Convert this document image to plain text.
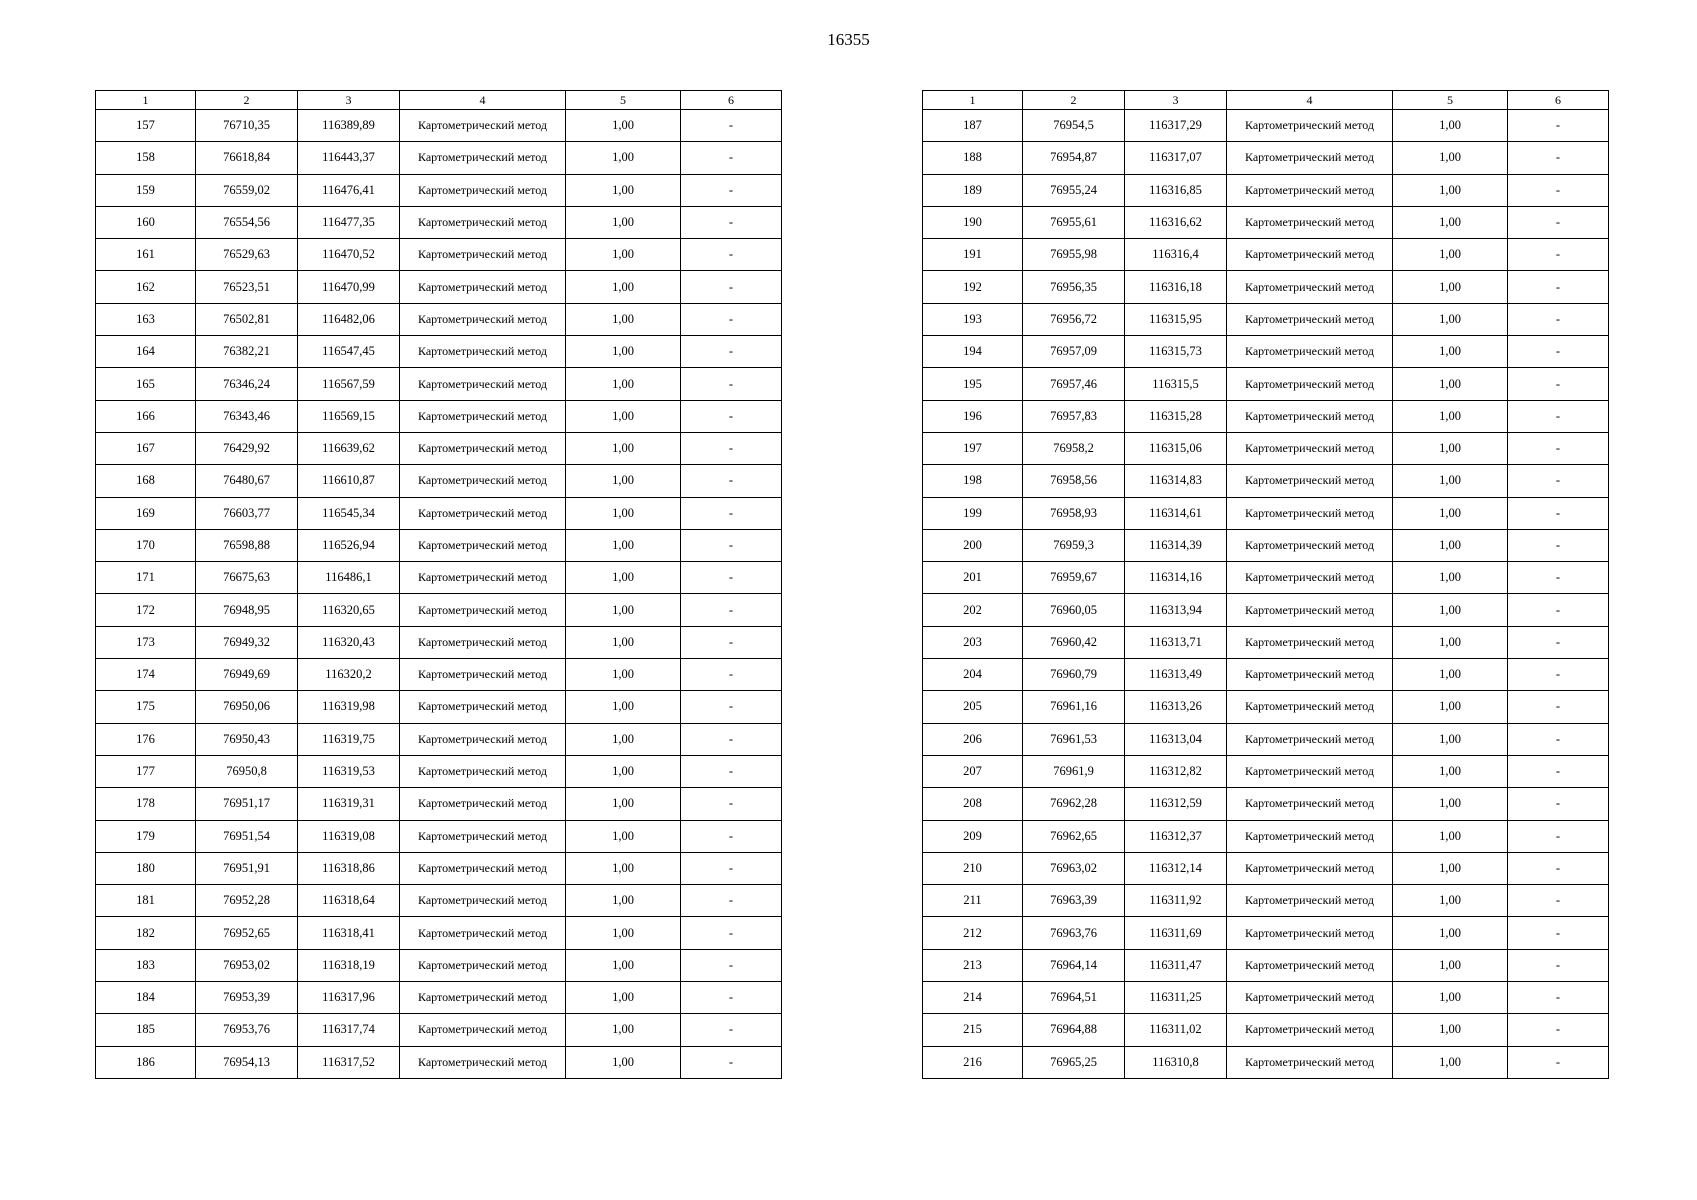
16355
1	2	3	4	5	6
157	76710,35	116389,89	Картометрический метод	1,00	-
158	76618,84	116443,37	Картометрический метод	1,00	-
159	76559,02	116476,41	Картометрический метод	1,00	-
160	76554,56	116477,35	Картометрический метод	1,00	-
161	76529,63	116470,52	Картометрический метод	1,00	-
162	76523,51	116470,99	Картометрический метод	1,00	-
163	76502,81	116482,06	Картометрический метод	1,00	-
164	76382,21	116547,45	Картометрический метод	1,00	-
165	76346,24	116567,59	Картометрический метод	1,00	-
166	76343,46	116569,15	Картометрический метод	1,00	-
167	76429,92	116639,62	Картометрический метод	1,00	-
168	76480,67	116610,87	Картометрический метод	1,00	-
169	76603,77	116545,34	Картометрический метод	1,00	-
170	76598,88	116526,94	Картометрический метод	1,00	-
171	76675,63	116486,1	Картометрический метод	1,00	-
172	76948,95	116320,65	Картометрический метод	1,00	-
173	76949,32	116320,43	Картометрический метод	1,00	-
174	76949,69	116320,2	Картометрический метод	1,00	-
175	76950,06	116319,98	Картометрический метод	1,00	-
176	76950,43	116319,75	Картометрический метод	1,00	-
177	76950,8	116319,53	Картометрический метод	1,00	-
178	76951,17	116319,31	Картометрический метод	1,00	-
179	76951,54	116319,08	Картометрический метод	1,00	-
180	76951,91	116318,86	Картометрический метод	1,00	-
181	76952,28	116318,64	Картометрический метод	1,00	-
182	76952,65	116318,41	Картометрический метод	1,00	-
183	76953,02	116318,19	Картометрический метод	1,00	-
184	76953,39	116317,96	Картометрический метод	1,00	-
185	76953,76	116317,74	Картометрический метод	1,00	-
186	76954,13	116317,52	Картометрический метод	1,00	-
1	2	3	4	5	6
187	76954,5	116317,29	Картометрический метод	1,00	-
188	76954,87	116317,07	Картометрический метод	1,00	-
189	76955,24	116316,85	Картометрический метод	1,00	-
190	76955,61	116316,62	Картометрический метод	1,00	-
191	76955,98	116316,4	Картометрический метод	1,00	-
192	76956,35	116316,18	Картометрический метод	1,00	-
193	76956,72	116315,95	Картометрический метод	1,00	-
194	76957,09	116315,73	Картометрический метод	1,00	-
195	76957,46	116315,5	Картометрический метод	1,00	-
196	76957,83	116315,28	Картометрический метод	1,00	-
197	76958,2	116315,06	Картометрический метод	1,00	-
198	76958,56	116314,83	Картометрический метод	1,00	-
199	76958,93	116314,61	Картометрический метод	1,00	-
200	76959,3	116314,39	Картометрический метод	1,00	-
201	76959,67	116314,16	Картометрический метод	1,00	-
202	76960,05	116313,94	Картометрический метод	1,00	-
203	76960,42	116313,71	Картометрический метод	1,00	-
204	76960,79	116313,49	Картометрический метод	1,00	-
205	76961,16	116313,26	Картометрический метод	1,00	-
206	76961,53	116313,04	Картометрический метод	1,00	-
207	76961,9	116312,82	Картометрический метод	1,00	-
208	76962,28	116312,59	Картометрический метод	1,00	-
209	76962,65	116312,37	Картометрический метод	1,00	-
210	76963,02	116312,14	Картометрический метод	1,00	-
211	76963,39	116311,92	Картометрический метод	1,00	-
212	76963,76	116311,69	Картометрический метод	1,00	-
213	76964,14	116311,47	Картометрический метод	1,00	-
214	76964,51	116311,25	Картометрический метод	1,00	-
215	76964,88	116311,02	Картометрический метод	1,00	-
216	76965,25	116310,8	Картометрический метод	1,00	-
